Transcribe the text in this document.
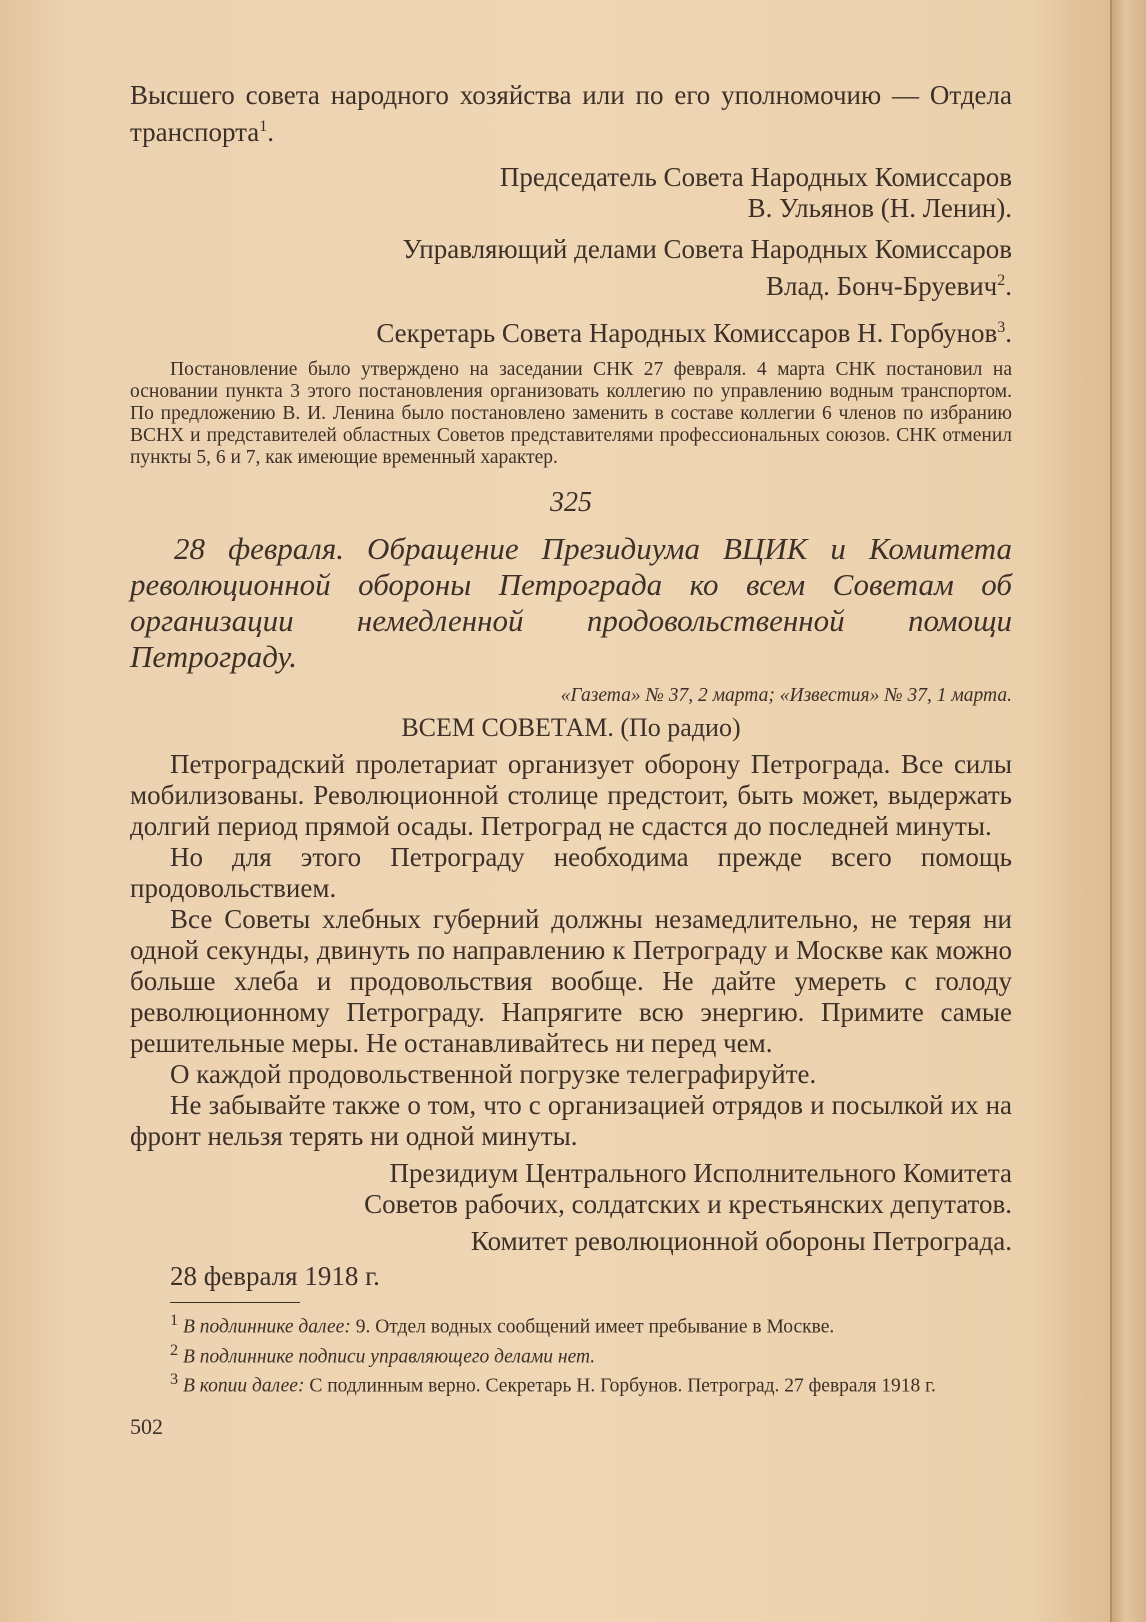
Высшего совета народного хозяйства или по его уполномочию — Отдела транспорта$^1$.

Председатель Совета Народных Комиссаров
В. Ульянов (Н. Ленин).
Управляющий делами Совета Народных Комиссаров
Влад. Бонч-Бруевич$^2$.
Секретарь Совета Народных Комиссаров Н. Горбунов$^3$.

Постановление было утверждено на заседании СНК 27 февраля. 4 марта СНК постановил на основании пункта 3 этого постановления организовать коллегию по управлению водным транспортом. По предложению В. И. Ленина было постановлено заменить в составе коллегии 6 членов по избранию ВСНХ и представителей областных Советов представителями профессиональных союзов. СНК отменил пункты 5, 6 и 7, как имеющие временный характер.

325

28 февраля. Обращение Президиума ВЦИК и Комитета революционной обороны Петрограда ко всем Советам об организации немедленной продовольственной помощи Петрограду.

«Газета» № 37, 2 марта; «Известия» № 37, 1 марта.
ВСЕМ СОВЕТАМ. (По радио)

Петроградский пролетариат организует оборону Петрограда. Все силы мобилизованы. Революционной столице предстоит, быть может, выдержать долгий период прямой осады. Петроград не сдастся до последней минуты.

Но для этого Петрограду необходима прежде всего помощь продовольствием.

Все Советы хлебных губерний должны незамедлительно, не теряя ни одной секунды, двинуть по направлению к Петрограду и Москве как можно больше хлеба и продовольствия вообще. Не дайте умереть с голоду революционному Петрограду. Напрягите всю энергию. Примите самые решительные меры. Не останавливайтесь ни перед чем.

О каждой продовольственной погрузке телеграфируйте.

Не забывайте также о том, что с организацией отрядов и посылкой их на фронт нельзя терять ни одной минуты.

Президиум Центрального Исполнительного Комитета
Советов рабочих, солдатских и крестьянских депутатов.
Комитет революционной обороны Петрограда.

28 февраля 1918 г.

$^1$ В подлиннике далее: 9. Отдел водных сообщений имеет пребывание в Москве.

$^2$ В подлиннике подписи управляющего делами нет.

$^3$ В копии далее: С подлинным верно. Секретарь Н. Горбунов. Петроград. 27 февраля 1918 г.

502
